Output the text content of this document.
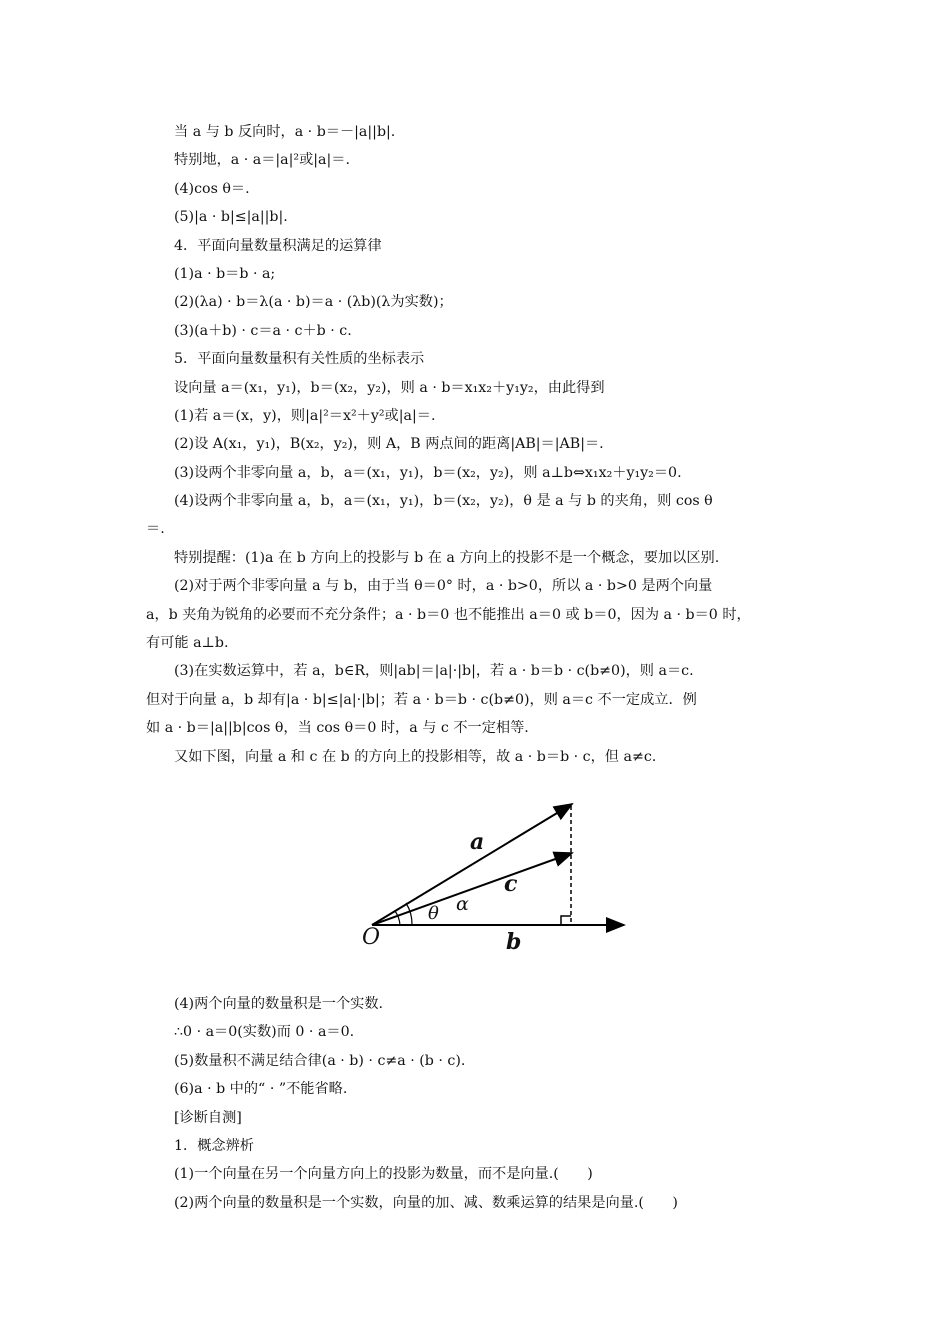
当 a 与 b 反向时，a · b＝－|a||b|.
特别地，a · a＝|a|²或|a|＝.
(4)cos θ＝.
(5)|a · b|≤|a||b|.
4．平面向量数量积满足的运算律
(1)a · b＝b · a;
(2)(λa) · b＝λ(a · b)＝a · (λb)(λ为实数)；
(3)(a＋b) · c＝a · c＋b · c.
5．平面向量数量积有关性质的坐标表示
设向量 a＝(x₁，y₁)，b＝(x₂，y₂)，则 a · b＝x₁x₂＋y₁y₂，由此得到
(1)若 a＝(x，y)，则|a|²＝x²＋y²或|a|＝.
(2)设 A(x₁，y₁)，B(x₂，y₂)，则 A，B 两点间的距离|AB|＝|AB|＝.
(3)设两个非零向量 a，b，a＝(x₁，y₁)，b＝(x₂，y₂)，则 a⊥b⇔x₁x₂＋y₁y₂＝0.
(4)设两个非零向量 a，b，a＝(x₁，y₁)，b＝(x₂，y₂)，θ 是 a 与 b 的夹角，则 cos θ
＝.
特别提醒：(1)a 在 b 方向上的投影与 b 在 a 方向上的投影不是一个概念，要加以区别.
(2)对于两个非零向量 a 与 b，由于当 θ＝0° 时，a · b>0，所以 a · b>0 是两个向量
a，b 夹角为锐角的必要而不充分条件；a · b＝0 也不能推出 a＝0 或 b＝0，因为 a · b＝0 时，
有可能 a⊥b.
(3)在实数运算中，若 a，b∈R，则|ab|＝|a|·|b|，若 a · b＝b · c(b≠0)，则 a＝c.
但对于向量 a，b 却有|a · b|≤|a|·|b|；若 a · b＝b · c(b≠0)，则 a＝c 不一定成立．例
如 a · b＝|a||b|cos θ，当 cos θ＝0 时，a 与 c 不一定相等.
又如下图，向量 a 和 c 在 b 的方向上的投影相等，故 a · b＝b · c，但 a≠c.
a
c
b
O
θ α
(4)两个向量的数量积是一个实数.
∴0 · a＝0(实数)而 0 · a＝0.
(5)数量积不满足结合律(a · b) · c≠a · (b · c).
(6)a · b 中的“ · ”不能省略.
[诊断自测]
1．概念辨析
(1)一个向量在另一个向量方向上的投影为数量，而不是向量.(　　)
(2)两个向量的数量积是一个实数，向量的加、减、数乘运算的结果是向量.(　　)
